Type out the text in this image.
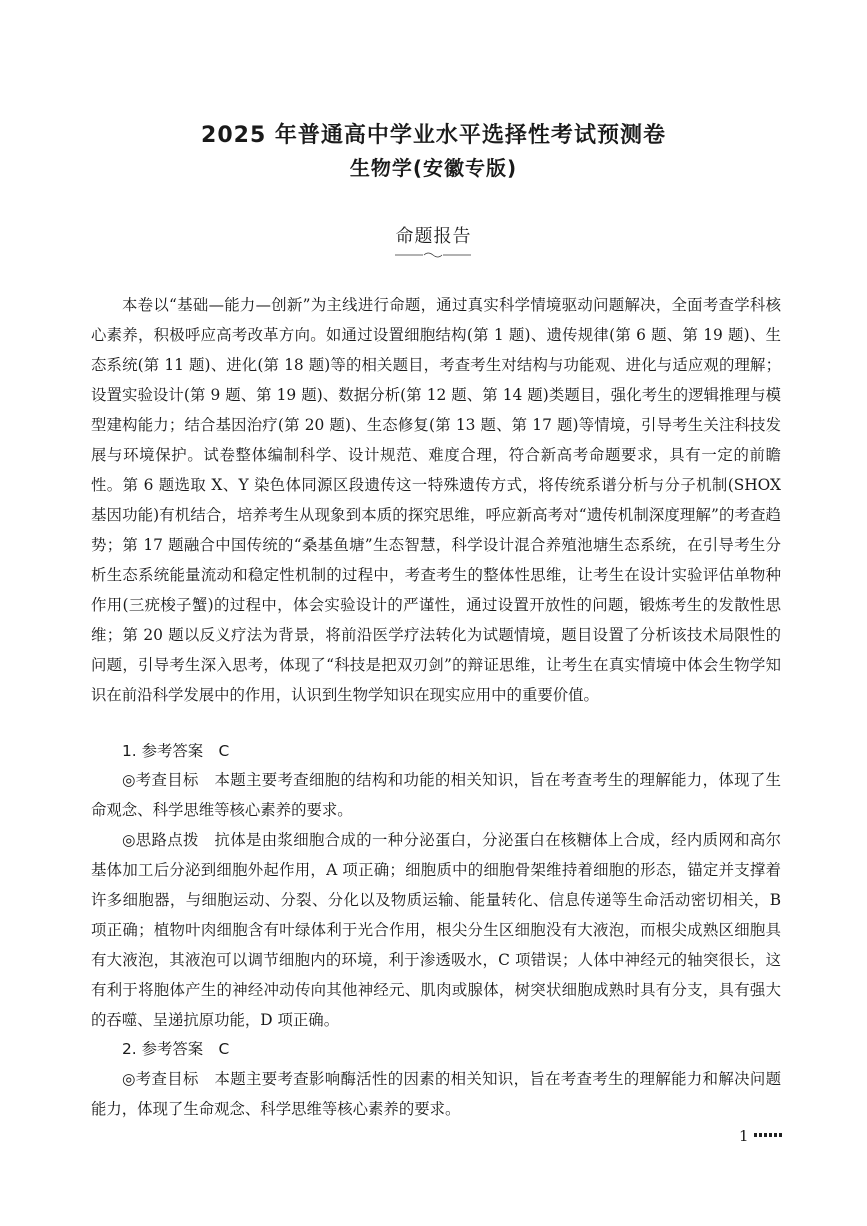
2025 年普通高中学业水平选择性考试预测卷
生物学(安徽专版)
命题报告

本卷以“基础—能力—创新”为主线进行命题，通过真实科学情境驱动问题解决，全面考查学科核心素养，积极呼应高考改革方向。如通过设置细胞结构(第 1 题)、遗传规律(第 6 题、第 19 题)、生态系统(第 11 题)、进化(第 18 题)等的相关题目，考查考生对结构与功能观、进化与适应观的理解；设置实验设计(第 9 题、第 19 题)、数据分析(第 12 题、第 14 题)类题目，强化考生的逻辑推理与模型建构能力；结合基因治疗(第 20 题)、生态修复(第 13 题、第 17 题)等情境，引导考生关注科技发展与环境保护。试卷整体编制科学、设计规范、难度合理，符合新高考命题要求，具有一定的前瞻性。第 6 题选取 X、Y 染色体同源区段遗传这一特殊遗传方式，将传统系谱分析与分子机制(SHOX 基因功能)有机结合，培养考生从现象到本质的探究思维，呼应新高考对“遗传机制深度理解”的考查趋势；第 17 题融合中国传统的“桑基鱼塘”生态智慧，科学设计混合养殖池塘生态系统，在引导考生分析生态系统能量流动和稳定性机制的过程中，考查考生的整体性思维，让考生在设计实验评估单物种作用(三疣梭子蟹)的过程中，体会实验设计的严谨性，通过设置开放性的问题，锻炼考生的发散性思维；第 20 题以反义疗法为背景，将前沿医学疗法转化为试题情境，题目设置了分析该技术局限性的问题，引导考生深入思考，体现了“科技是把双刃剑”的辩证思维，让考生在真实情境中体会生物学知识在前沿科学发展中的作用，认识到生物学知识在现实应用中的重要价值。

1. 参考答案　C

◎考查目标　 本题主要考查细胞的结构和功能的相关知识，旨在考查考生的理解能力，体现了生命观念、科学思维等核心素养的要求。

◎思路点拨　 抗体是由浆细胞合成的一种分泌蛋白，分泌蛋白在核糖体上合成，经内质网和高尔基体加工后分泌到细胞外起作用，A 项正确；细胞质中的细胞骨架维持着细胞的形态，锚定并支撑着许多细胞器，与细胞运动、分裂、分化以及物质运输、能量转化、信息传递等生命活动密切相关，B 项正确；植物叶肉细胞含有叶绿体利于光合作用，根尖分生区细胞没有大液泡，而根尖成熟区细胞具有大液泡，其液泡可以调节细胞内的环境，利于渗透吸水，C 项错误；人体中神经元的轴突很长，这有利于将胞体产生的神经冲动传向其他神经元、肌肉或腺体，树突状细胞成熟时具有分支，具有强大的吞噬、呈递抗原功能，D 项正确。

2. 参考答案　C

◎考查目标　 本题主要考查影响酶活性的因素的相关知识，旨在考查考生的理解能力和解决问题能力，体现了生命观念、科学思维等核心素养的要求。

1
